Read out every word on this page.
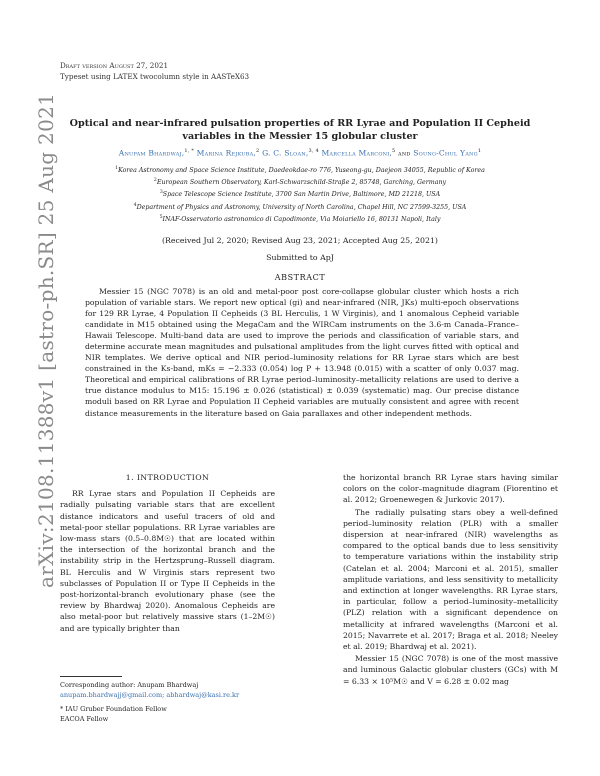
arXiv:2108.11388v1 [astro-ph.SR] 25 Aug 2021
Draft version August 27, 2021
Typeset using LATEX twocolumn style in AASTeX63
Optical and near-infrared pulsation properties of RR Lyrae and Population II Cepheid variables in the Messier 15 globular cluster
Anupam Bhardwaj,$^{1, *}$ Marina Rejkuba,$^2$ G. C. Sloan,$^{3, 4}$ Marcella Marconi,$^5$ and Soung-Chul Yang$^1$
$^1$Korea Astronomy and Space Science Institute, Daedeokdae-ro 776, Yuseong-gu, Daejeon 34055, Republic of Korea
$^2$European Southern Observatory, Karl-Schwarzschild-Straße 2, 85748, Garching, Germany
$^3$Space Telescope Science Institute, 3700 San Martin Drive, Baltimore, MD 21218, USA
$^4$Department of Physics and Astronomy, University of North Carolina, Chapel Hill, NC 27599-3255, USA
$^5$INAF-Osservatorio astronomico di Capodimonte, Via Moiariello 16, 80131 Napoli, Italy
(Received Jul 2, 2020; Revised Aug 23, 2021; Accepted Aug 25, 2021)
Submitted to ApJ
ABSTRACT
Messier 15 (NGC 7078) is an old and metal-poor post core-collapse globular cluster which hosts a rich population of variable stars. We report new optical (gi) and near-infrared (NIR, JKs) multi-epoch observations for 129 RR Lyrae, 4 Population II Cepheids (3 BL Herculis, 1 W Virginis), and 1 anomalous Cepheid variable candidate in M15 obtained using the MegaCam and the WIRCam instruments on the 3.6-m Canada–France–Hawaii Telescope. Multi-band data are used to improve the periods and classification of variable stars, and determine accurate mean magnitudes and pulsational amplitudes from the light curves fitted with optical and NIR templates. We derive optical and NIR period–luminosity relations for RR Lyrae stars which are best constrained in the Ks-band, mKs = −2.333 (0.054) log P + 13.948 (0.015) with a scatter of only 0.037 mag. Theoretical and empirical calibrations of RR Lyrae period–luminosity–metallicity relations are used to derive a true distance modulus to M15: 15.196 ± 0.026 (statistical) ± 0.039 (systematic) mag. Our precise distance moduli based on RR Lyrae and Population II Cepheid variables are mutually consistent and agree with recent distance measurements in the literature based on Gaia parallaxes and other independent methods.
1. INTRODUCTION

RR Lyrae stars and Population II Cepheids are radially pulsating variable stars that are excellent distance indicators and useful tracers of old and metal-poor stellar populations. RR Lyrae variables are low-mass stars (0.5–0.8M☉) that are located within the intersection of the horizontal branch and the instability strip in the Hertzsprung–Russell diagram. BL Herculis and W Virginis stars represent two subclasses of Population II or Type II Cepheids in the post-horizontal-branch evolutionary phase (see the review by Bhardwaj 2020). Anomalous Cepheids are also metal-poor but relatively massive stars (1–2M☉) and are typically brighter than

the horizontal branch RR Lyrae stars having similar colors on the color–magnitude diagram (Fiorentino et al. 2012; Groenewegen & Jurkovic 2017).

The radially pulsating stars obey a well-defined period–luminosity relation (PLR) with a smaller dispersion at near-infrared (NIR) wavelengths as compared to the optical bands due to less sensitivity to temperature variations within the instability strip (Catelan et al. 2004; Marconi et al. 2015), smaller amplitude variations, and less sensitivity to metallicity and extinction at longer wavelengths. RR Lyrae stars, in particular, follow a period–luminosity–metallicity (PLZ) relation with a significant dependence on metallicity at infrared wavelengths (Marconi et al. 2015; Navarrete et al. 2017; Braga et al. 2018; Neeley et al. 2019; Bhardwaj et al. 2021).

Messier 15 (NGC 7078) is one of the most massive and luminous Galactic globular clusters (GCs) with M = 6.33 × 10⁵M☉ and V = 6.28 ± 0.02 mag

Corresponding author: Anupam Bhardwaj
anupam.bhardwajj@gmail.com; abhardwaj@kasi.re.kr
* IAU Gruber Foundation Fellow
EACOA Fellow
